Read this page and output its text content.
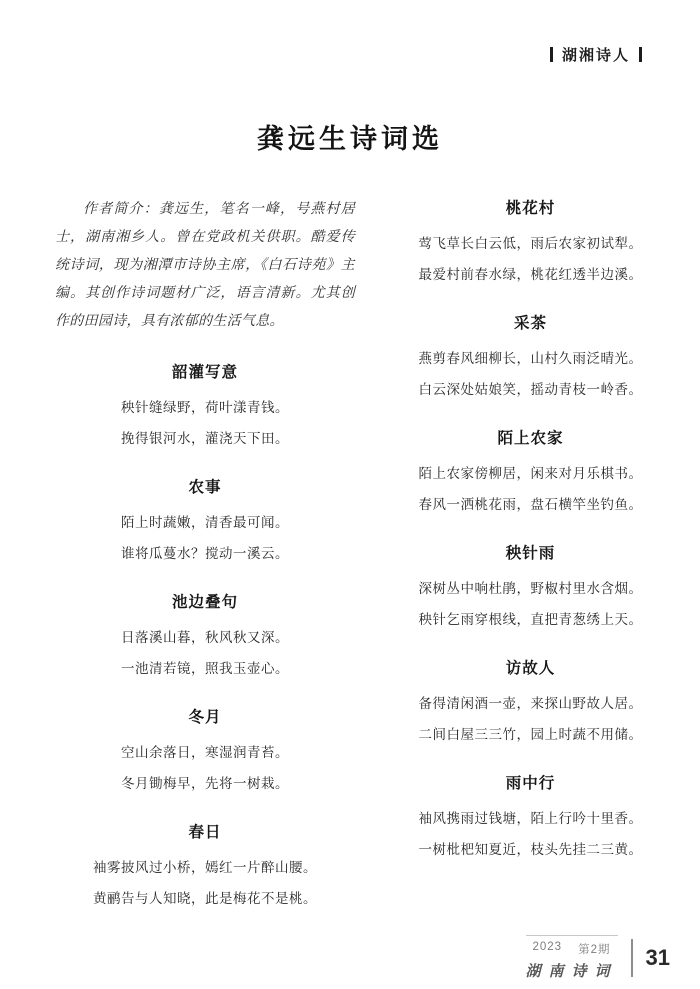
湖湘诗人
龚远生诗词选

作者简介：龚远生，笔名一峰，号燕村居士，湖南湘乡人。曾在党政机关供职。酷爱传统诗词，现为湘潭市诗协主席，《白石诗苑》主编。其创作诗词题材广泛，语言清新。尤其创作的田园诗，具有浓郁的生活气息。

韶灌写意

秧针缝绿野，荷叶漾青钱。

挽得银河水，灌浇天下田。

农事

陌上时蔬嫩，清香最可闻。

谁将瓜蔓水？搅动一溪云。

池边叠句

日落溪山暮，秋风秋又深。

一池清若镜，照我玉壶心。

冬月

空山余落日，寒湿润青苔。

冬月锄梅早，先将一树栽。

春日

袖雾披风过小桥，嫣红一片醉山腰。

黄鹂告与人知晓，此是梅花不是桃。

桃花村

莺飞草长白云低，雨后农家初试犁。

最爱村前春水绿，桃花红透半边溪。

采茶

燕剪春风细柳长，山村久雨泛晴光。

白云深处姑娘笑，摇动青枝一岭香。

陌上农家

陌上农家傍柳居，闲来对月乐棋书。

春风一洒桃花雨，盘石横竿坐钓鱼。

秧针雨

深树丛中响杜鹃，野椒村里水含烟。

秧针乞雨穿根线，直把青葱绣上天。

访故人

备得清闲酒一壶，来探山野故人居。

二间白屋三三竹，园上时蔬不用储。

雨中行

袖风携雨过钱塘，陌上行吟十里香。

一树枇杷知夏近，枝头先挂二三黄。

2023 第2期
湖南诗词
31
